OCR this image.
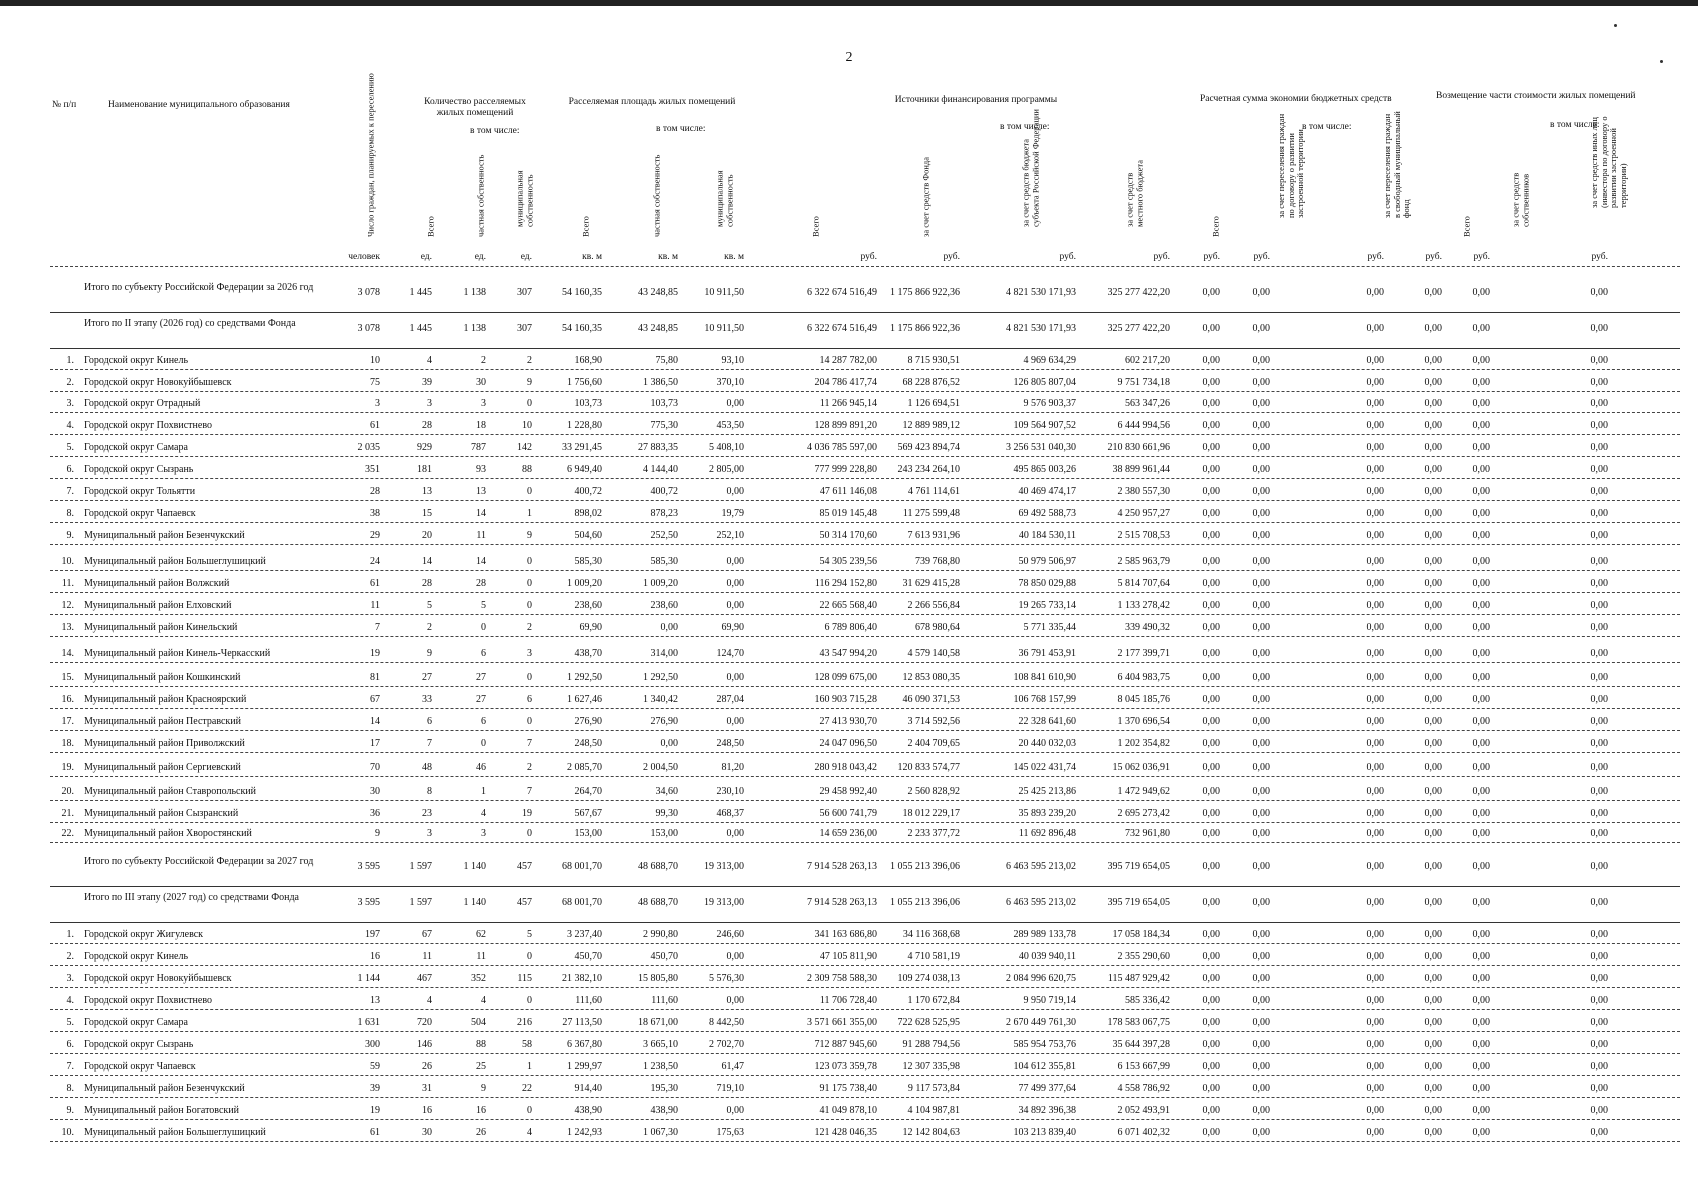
2
№ п/п	Наименование муниципального образования	Количество расселяемых жилых помещений
в том числе:
Расселяемая площадь жилых помещений
в том числе:
Источники финансирования программы
в том числе:
Расчетная сумма экономии бюджетных средств
в том числе:
Возмещение части стоимости жилых помещений
в том числе:
Число граждан, планируемых к переселению	Всего	частная собственность	муниципальная собственность	Всего	частная собственность	муниципальная собственность	Всего	за счет средств Фонда	за счет средств бюджета субъекта Российской Федерации	за счет средств местного бюджета	Всего
за счет переселения граждан по договору о развитии застроенной территории	за счет переселения граждан в свободный муниципальный фонд
Всего	за счет средств собственников	за счет средств иных лиц (инвестора по договору о развитии застроенной территории)
человек	ед.	ед.	ед.	кв. м	кв. м	кв. м	руб.	руб.	руб.	руб.	руб.	руб.	руб.	руб.	руб.	руб.
Итого по субъекту Российской Федерации за 2026 год	3 078	1 445	1 138	307	54 160,35	43 248,85	10 911,50	6 322 674 516,49	1 175 866 922,36	4 821 530 171,93	325 277 422,20	0,00	0,00	0,00	0,00	0,00	0,00
Итого по II этапу (2026 год) со средствами Фонда	3 078	1 445	1 138	307	54 160,35	43 248,85	10 911,50	6 322 674 516,49	1 175 866 922,36	4 821 530 171,93	325 277 422,20	0,00	0,00	0,00	0,00	0,00	0,00
1. Городской округ Кинель	10	4	2	2	168,90	75,80	93,10	14 287 782,00	8 715 930,51	4 969 634,29	602 217,20	0,00	0,00	0,00	0,00	0,00	0,00
2. Городской округ Новокуйбышевск	75	39	30	9	1 756,60	1 386,50	370,10	204 786 417,74	68 228 876,52	126 805 807,04	9 751 734,18	0,00	0,00	0,00	0,00	0,00	0,00
3. Городской округ Отрадный	3	3	3	0	103,73	103,73	0,00	11 266 945,14	1 126 694,51	9 576 903,37	563 347,26	0,00	0,00	0,00	0,00	0,00	0,00
4. Городской округ Похвистнево	61	28	18	10	1 228,80	775,30	453,50	128 899 891,20	12 889 989,12	109 564 907,52	6 444 994,56	0,00	0,00	0,00	0,00	0,00	0,00
5. Городской округ Самара	2 035	929	787	142	33 291,45	27 883,35	5 408,10	4 036 785 597,00	569 423 894,74	3 256 531 040,30	210 830 661,96	0,00	0,00	0,00	0,00	0,00	0,00
6. Городской округ Сызрань	351	181	93	88	6 949,40	4 144,40	2 805,00	777 999 228,80	243 234 264,10	495 865 003,26	38 899 961,44	0,00	0,00	0,00	0,00	0,00	0,00
7. Городской округ Тольятти	28	13	13	0	400,72	400,72	0,00	47 611 146,08	4 761 114,61	40 469 474,17	2 380 557,30	0,00	0,00	0,00	0,00	0,00	0,00
8. Городской округ Чапаевск	38	15	14	1	898,02	878,23	19,79	85 019 145,48	11 275 599,48	69 492 588,73	4 250 957,27	0,00	0,00	0,00	0,00	0,00	0,00
9. Муниципальный район Безенчукский	29	20	11	9	504,60	252,50	252,10	50 314 170,60	7 613 931,96	40 184 530,11	2 515 708,53	0,00	0,00	0,00	0,00	0,00	0,00
10. Муниципальный район Большеглушицкий	24	14	14	0	585,30	585,30	0,00	54 305 239,56	739 768,80	50 979 506,97	2 585 963,79	0,00	0,00	0,00	0,00	0,00	0,00
11. Муниципальный район Волжский	61	28	28	0	1 009,20	1 009,20	0,00	116 294 152,80	31 629 415,28	78 850 029,88	5 814 707,64	0,00	0,00	0,00	0,00	0,00	0,00
12. Муниципальный район Елховский	11	5	5	0	238,60	238,60	0,00	22 665 568,40	2 266 556,84	19 265 733,14	1 133 278,42	0,00	0,00	0,00	0,00	0,00	0,00
13. Муниципальный район Кинельский	7	2	0	2	69,90	0,00	69,90	6 789 806,40	678 980,64	5 771 335,44	339 490,32	0,00	0,00	0,00	0,00	0,00	0,00
14. Муниципальный район Кинель-Черкасский	19	9	6	3	438,70	314,00	124,70	43 547 994,20	4 579 140,58	36 791 453,91	2 177 399,71	0,00	0,00	0,00	0,00	0,00	0,00
15. Муниципальный район Кошкинский	81	27	27	0	1 292,50	1 292,50	0,00	128 099 675,00	12 853 080,35	108 841 610,90	6 404 983,75	0,00	0,00	0,00	0,00	0,00	0,00
16. Муниципальный район Красноярский	67	33	27	6	1 627,46	1 340,42	287,04	160 903 715,28	46 090 371,53	106 768 157,99	8 045 185,76	0,00	0,00	0,00	0,00	0,00	0,00
17. Муниципальный район Пестравский	14	6	6	0	276,90	276,90	0,00	27 413 930,70	3 714 592,56	22 328 641,60	1 370 696,54	0,00	0,00	0,00	0,00	0,00	0,00
18. Муниципальный район Приволжский	17	7	0	7	248,50	0,00	248,50	24 047 096,50	2 404 709,65	20 440 032,03	1 202 354,82	0,00	0,00	0,00	0,00	0,00	0,00
19. Муниципальный район Сергиевский	70	48	46	2	2 085,70	2 004,50	81,20	280 918 043,42	120 833 574,77	145 022 431,74	15 062 036,91	0,00	0,00	0,00	0,00	0,00	0,00
20. Муниципальный район Ставропольский	30	8	1	7	264,70	34,60	230,10	29 458 992,40	2 560 828,92	25 425 213,86	1 472 949,62	0,00	0,00	0,00	0,00	0,00	0,00
21. Муниципальный район Сызранский	36	23	4	19	567,67	99,30	468,37	56 600 741,79	18 012 229,17	35 893 239,20	2 695 273,42	0,00	0,00	0,00	0,00	0,00	0,00
22. Муниципальный район Хворостянский	9	3	3	0	153,00	153,00	0,00	14 659 236,00	2 233 377,72	11 692 896,48	732 961,80	0,00	0,00	0,00	0,00	0,00	0,00
Итого по субъекту Российской Федерации за 2027 год	3 595	1 597	1 140	457	68 001,70	48 688,70	19 313,00	7 914 528 263,13	1 055 213 396,06	6 463 595 213,02	395 719 654,05	0,00	0,00	0,00	0,00	0,00	0,00
Итого по III этапу (2027 год) со средствами Фонда	3 595	1 597	1 140	457	68 001,70	48 688,70	19 313,00	7 914 528 263,13	1 055 213 396,06	6 463 595 213,02	395 719 654,05	0,00	0,00	0,00	0,00	0,00	0,00
1. Городской округ Жигулевск	197	67	62	5	3 237,40	2 990,80	246,60	341 163 686,80	34 116 368,68	289 989 133,78	17 058 184,34	0,00	0,00	0,00	0,00	0,00	0,00
2. Городской округ Кинель	16	11	11	0	450,70	450,70	0,00	47 105 811,90	4 710 581,19	40 039 940,11	2 355 290,60	0,00	0,00	0,00	0,00	0,00	0,00
3. Городской округ Новокуйбышевск	1 144	467	352	115	21 382,10	15 805,80	5 576,30	2 309 758 588,30	109 274 038,13	2 084 996 620,75	115 487 929,42	0,00	0,00	0,00	0,00	0,00	0,00
4. Городской округ Похвистнево	13	4	4	0	111,60	111,60	0,00	11 706 728,40	1 170 672,84	9 950 719,14	585 336,42	0,00	0,00	0,00	0,00	0,00	0,00
5. Городской округ Самара	1 631	720	504	216	27 113,50	18 671,00	8 442,50	3 571 661 355,00	722 628 525,95	2 670 449 761,30	178 583 067,75	0,00	0,00	0,00	0,00	0,00	0,00
6. Городской округ Сызрань	300	146	88	58	6 367,80	3 665,10	2 702,70	712 887 945,60	91 288 794,56	585 954 753,76	35 644 397,28	0,00	0,00	0,00	0,00	0,00	0,00
7. Городской округ Чапаевск	59	26	25	1	1 299,97	1 238,50	61,47	123 073 359,78	12 307 335,98	104 612 355,81	6 153 667,99	0,00	0,00	0,00	0,00	0,00	0,00
8. Муниципальный район Безенчукский	39	31	9	22	914,40	195,30	719,10	91 175 738,40	9 117 573,84	77 499 377,64	4 558 786,92	0,00	0,00	0,00	0,00	0,00	0,00
9. Муниципальный район Богатовский	19	16	16	0	438,90	438,90	0,00	41 049 878,10	4 104 987,81	34 892 396,38	2 052 493,91	0,00	0,00	0,00	0,00	0,00	0,00
10. Муниципальный район Большеглушицкий	61	30	26	4	1 242,93	1 067,30	175,63	121 428 046,35	12 142 804,63	103 213 839,40	6 071 402,32	0,00	0,00	0,00	0,00	0,00	0,00
